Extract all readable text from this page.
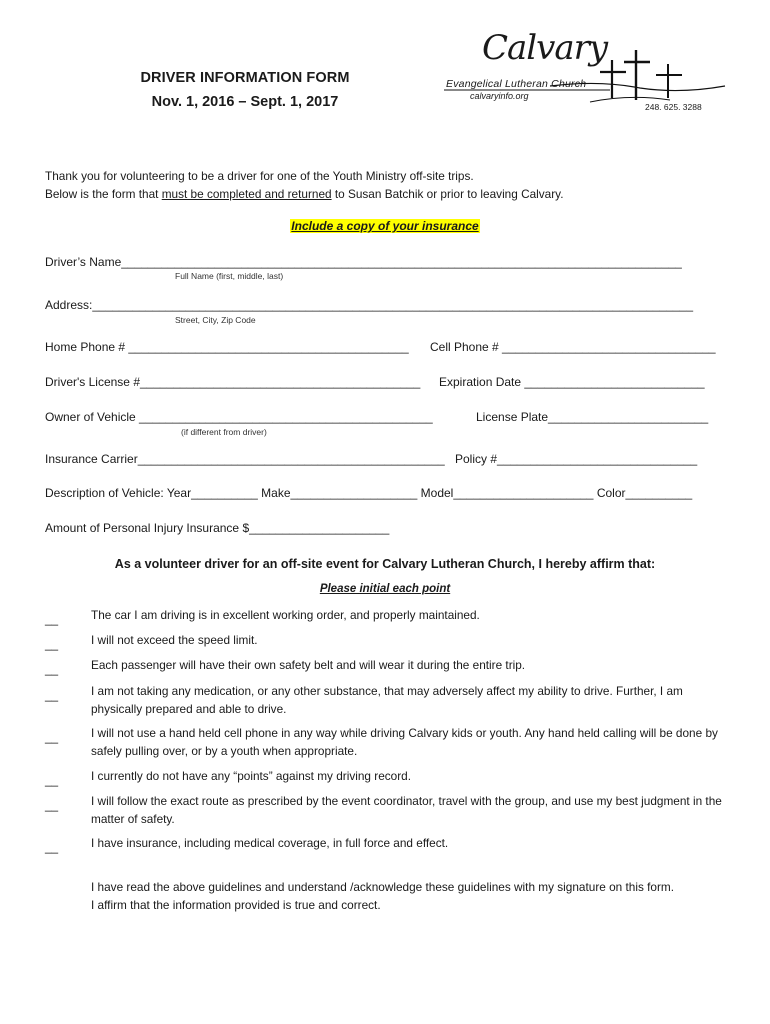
DRIVER INFORMATION FORM
Nov. 1, 2016 – Sept. 1, 2017
Calvary
Evangelical Lutheran Church
calvaryinfo.org
248. 625. 3288
Thank you for volunteering to be a driver for one of the Youth Ministry off-site trips.
Below is the form that must be completed and returned to Susan Batchik or prior to leaving Calvary.
Include a copy of your insurance
Driver’s Name____________________________________________________________________________________
Full Name (first, middle, last)
Address:__________________________________________________________________________________________
Street, City, Zip Code
Home Phone # __________________________________________ Cell Phone # ________________________________
Driver's License #__________________________________________ Expiration Date ___________________________
Owner of Vehicle ____________________________________________
(if different from driver)
License Plate________________________
Insurance Carrier______________________________________________ Policy #______________________________
Description of Vehicle: Year__________ Make___________________ Model_____________________ Color__________
Amount of Personal Injury Insurance $_____________________
As a volunteer driver for an off-site event for Calvary Lutheran Church, I hereby affirm that:
Please initial each point
__	The car I am driving is in excellent working order, and properly maintained.
__	I will not exceed the speed limit.
__	Each passenger will have their own safety belt and will wear it during the entire trip.
__	I am not taking any medication, or any other substance, that may adversely affect my ability to drive. Further, I am physically prepared and able to drive.
__	I will not use a hand held cell phone in any way while driving Calvary kids or youth. Any hand held calling will be done by safely pulling over, or by a youth when appropriate.
__	I currently do not have any “points” against my driving record.
__	I will follow the exact route as prescribed by the event coordinator, travel with the group, and use my best judgment in the matter of safety.
__	I have insurance, including medical coverage, in full force and effect.
I have read the above guidelines and understand /acknowledge these guidelines with my signature on this form.
I affirm that the information provided is true and correct.
